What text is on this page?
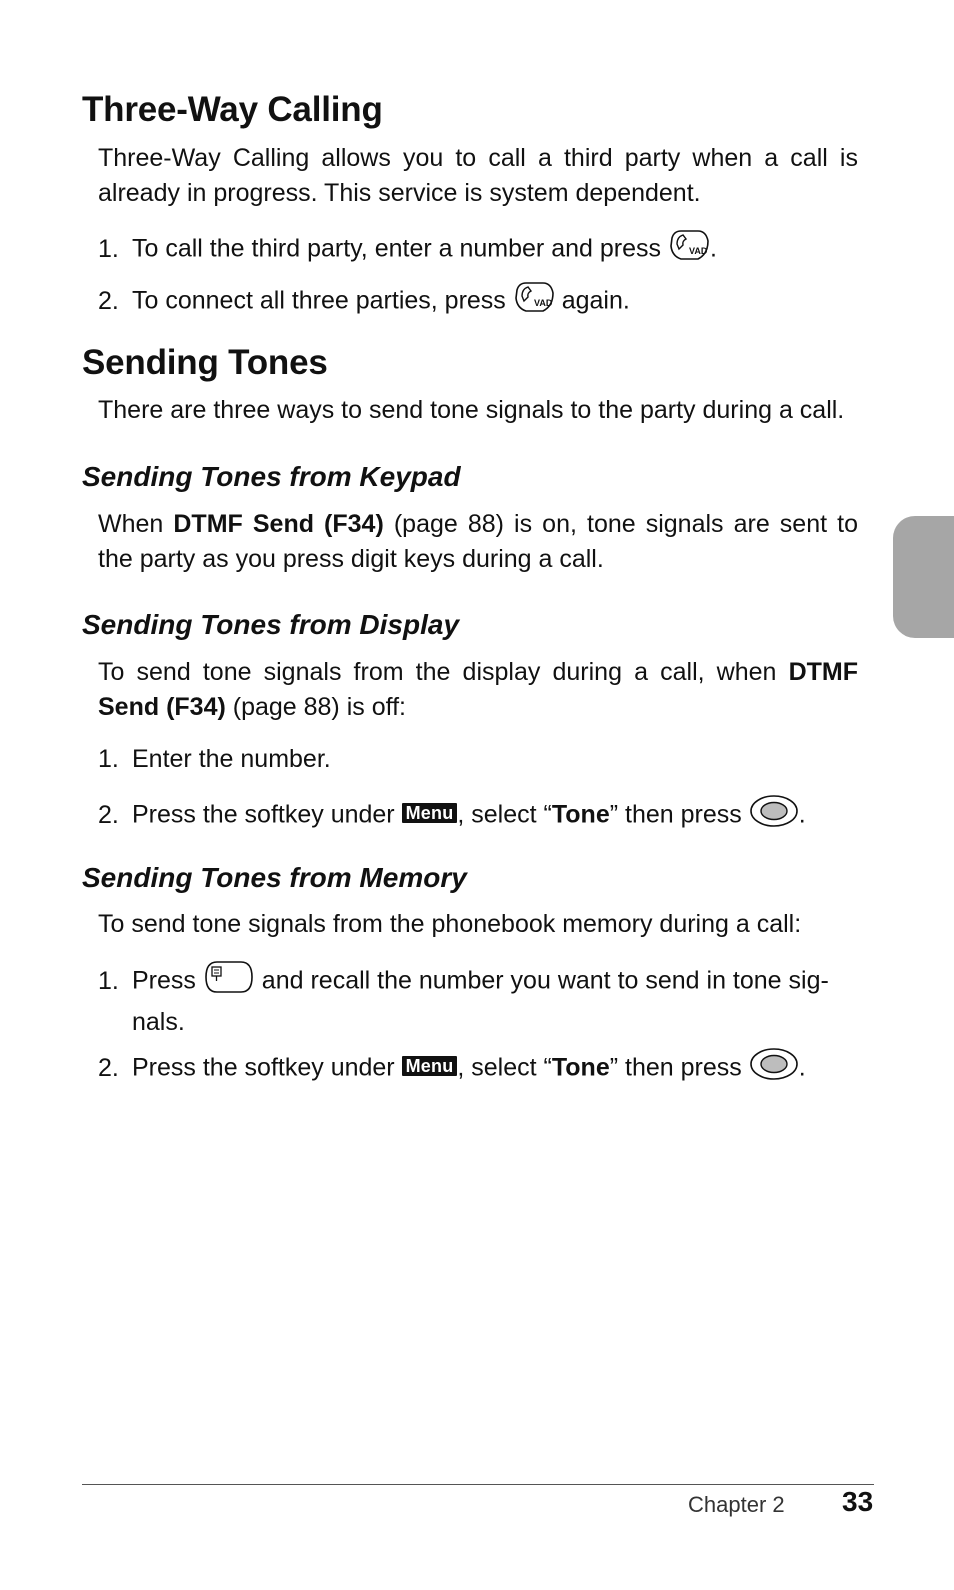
Three-Way Calling
Three-Way Calling allows you to call a third party when a call is already in progress. This service is system dependent.
1. To call the third party, enter a number and press VAD .
2. To connect all three parties, press VAD again.
Sending Tones
There are three ways to send tone signals to the party during a call.
Sending Tones from Keypad
When DTMF Send (F34) (page 88) is on, tone signals are sent to the party as you press digit keys during a call.
Sending Tones from Display
To send tone signals from the display during a call, when DTMF Send (F34) (page 88) is off:
1. Enter the number.
2. Press the softkey under Menu , select “Tone” then press .
Sending Tones from Memory
To send tone signals from the phonebook memory during a call:
1. Press  and recall the number you want to send in tone sig-
nals.
2. Press the softkey under Menu , select “Tone” then press .
Chapter 2 33
